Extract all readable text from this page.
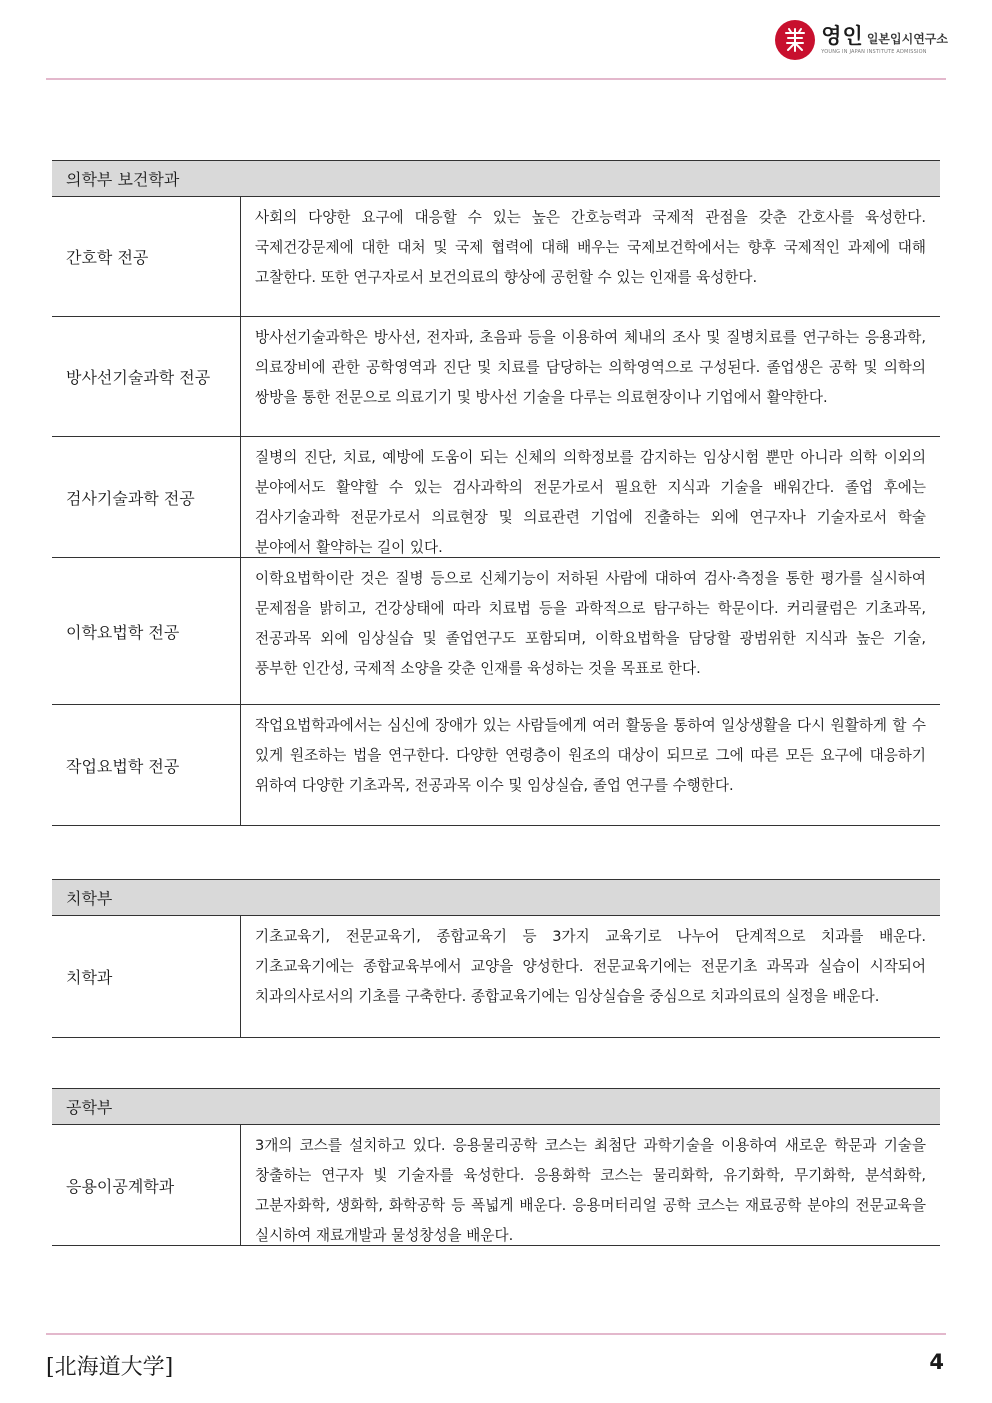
영인 일본입시연구소
YOUNG IN JAPAN INSTITUTE ADMISSION
의학부 보건학과
간호학 전공
사회의 다양한 요구에 대응할 수 있는 높은 간호능력과 국제적 관점을 갖춘 간호사를 육성한다. 국제건강문제에 대한 대처 및 국제 협력에 대해 배우는 국제보건학에서는 향후 국제적인 과제에 대해 고찰한다. 또한 연구자로서 보건의료의 향상에 공헌할 수 있는 인재를 육성한다.
방사선기술과학 전공
방사선기술과학은 방사선, 전자파, 초음파 등을 이용하여 체내의 조사 및 질병치료를 연구하는 응용과학, 의료장비에 관한 공학영역과 진단 및 치료를 담당하는 의학영역으로 구성된다. 졸업생은 공학 및 의학의 쌍방을 통한 전문으로 의료기기 및 방사선 기술을 다루는 의료현장이나 기업에서 활약한다.
검사기술과학 전공
질병의 진단, 치료, 예방에 도움이 되는 신체의 의학정보를 감지하는 임상시험 뿐만 아니라 의학 이외의 분야에서도 활약할 수 있는 검사과학의 전문가로서 필요한 지식과 기술을 배워간다. 졸업 후에는 검사기술과학 전문가로서 의료현장 및 의료관련 기업에 진출하는 외에 연구자나 기술자로서 학술 분야에서 활약하는 길이 있다.
이학요법학 전공
이학요법학이란 것은 질병 등으로 신체기능이 저하된 사람에 대하여 검사·측정을 통한 평가를 실시하여 문제점을 밝히고, 건강상태에 따라 치료법 등을 과학적으로 탐구하는 학문이다. 커리큘럼은 기초과목, 전공과목 외에 임상실습 및 졸업연구도 포함되며, 이학요법학을 담당할 광범위한 지식과 높은 기술, 풍부한 인간성, 국제적 소양을 갖춘 인재를 육성하는 것을 목표로 한다.
작업요법학 전공
작업요법학과에서는 심신에 장애가 있는 사람들에게 여러 활동을 통하여 일상생활을 다시 원활하게 할 수 있게 원조하는 법을 연구한다. 다양한 연령층이 원조의 대상이 되므로 그에 따른 모든 요구에 대응하기 위하여 다양한 기초과목, 전공과목 이수 및 임상실습, 졸업 연구를 수행한다.
치학부
치학과
기초교육기, 전문교육기, 종합교육기 등 3가지 교육기로 나누어 단계적으로 치과를 배운다. 기초교육기에는 종합교육부에서 교양을 양성한다. 전문교육기에는 전문기초 과목과 실습이 시작되어 치과의사로서의 기초를 구축한다. 종합교육기에는 임상실습을 중심으로 치과의료의 실정을 배운다.
공학부
응용이공계학과
3개의 코스를 설치하고 있다. 응용물리공학 코스는 최첨단 과학기술을 이용하여 새로운 학문과 기술을 창출하는 연구자 빛 기술자를 육성한다. 응용화학 코스는 물리화학, 유기화학, 무기화학, 분석화학, 고분자화학, 생화학, 화학공학 등 폭넓게 배운다. 응용머터리얼 공학 코스는 재료공학 분야의 전문교육을 실시하여 재료개발과 물성창성을 배운다.
[北海道大学]	4
